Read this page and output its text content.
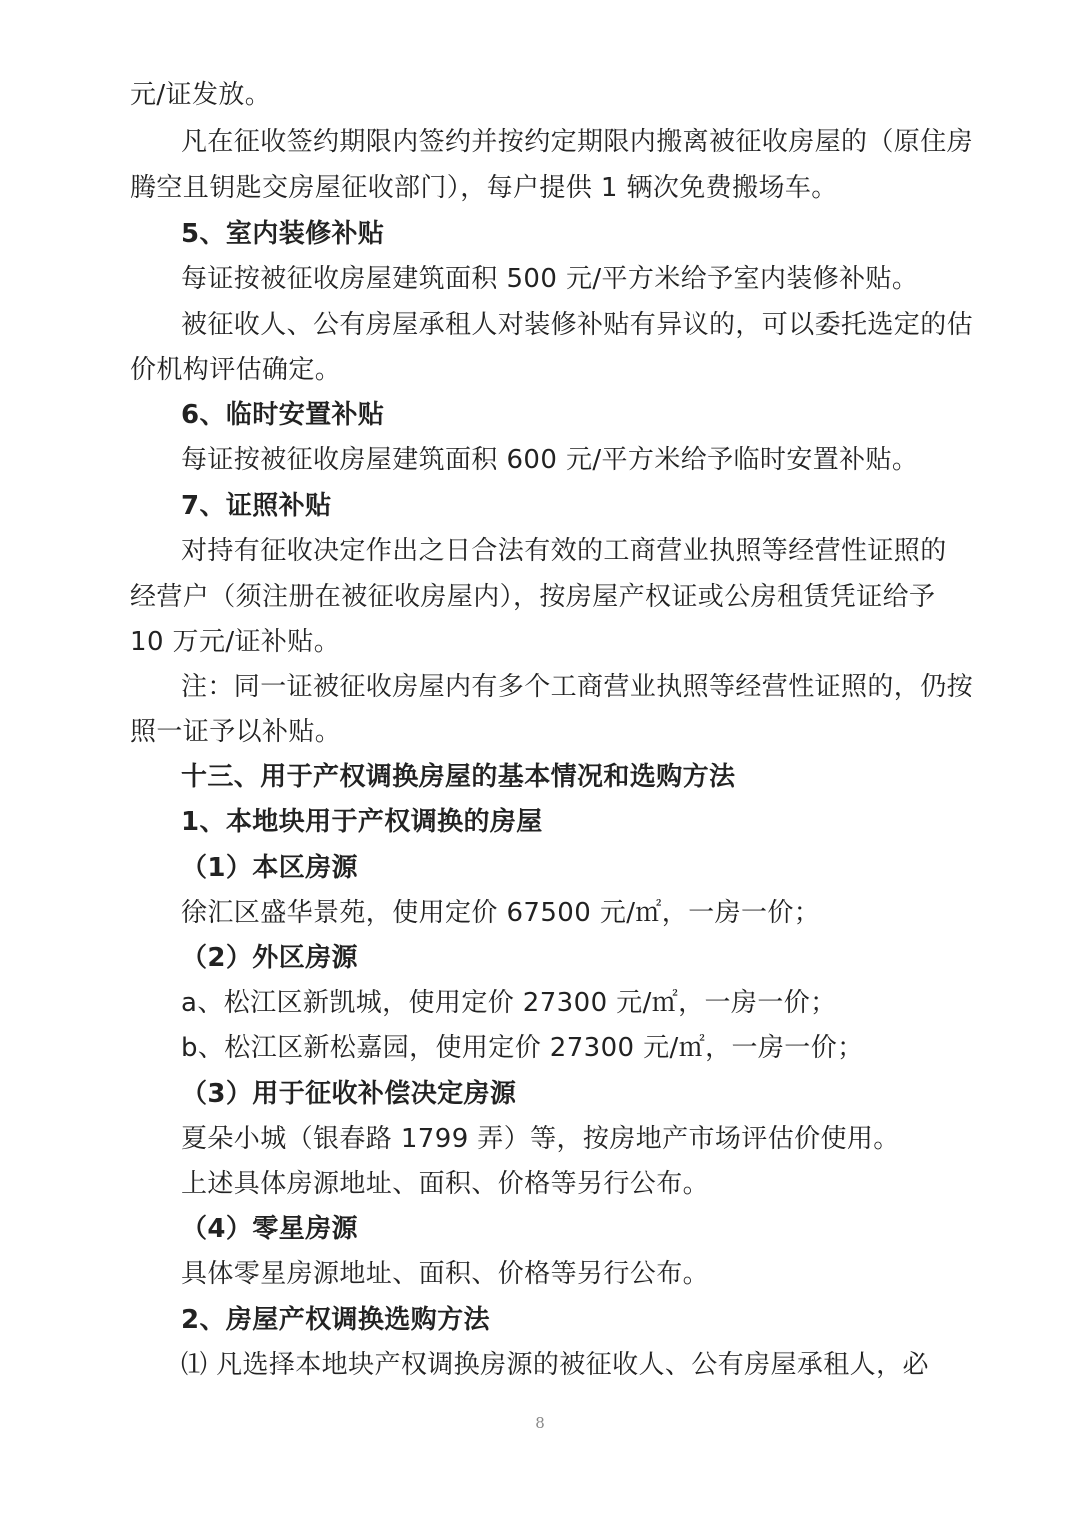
元/证发放。
凡在征收签约期限内签约并按约定期限内搬离被征收房屋的（原住房
腾空且钥匙交房屋征收部门），每户提供 1 辆次免费搬场车。
5、室内装修补贴
每证按被征收房屋建筑面积 500 元/平方米给予室内装修补贴。
被征收人、公有房屋承租人对装修补贴有异议的，可以委托选定的估
价机构评估确定。
6、临时安置补贴
每证按被征收房屋建筑面积 600 元/平方米给予临时安置补贴。
7、证照补贴
对持有征收决定作出之日合法有效的工商营业执照等经营性证照的
经营户（须注册在被征收房屋内），按房屋产权证或公房租赁凭证给予
10 万元/证补贴。
注：同一证被征收房屋内有多个工商营业执照等经营性证照的，仍按
照一证予以补贴。
十三、用于产权调换房屋的基本情况和选购方法
1、本地块用于产权调换的房屋
（1）本区房源
徐汇区盛华景苑，使用定价 67500 元/㎡，一房一价；
（2）外区房源
a、松江区新凯城，使用定价 27300 元/㎡，一房一价；
b、松江区新松嘉园，使用定价 27300 元/㎡，一房一价；
（3）用于征收补偿决定房源
夏朵小城（银春路 1799 弄）等，按房地产市场评估价使用。
上述具体房源地址、面积、价格等另行公布。
（4）零星房源
具体零星房源地址、面积、价格等另行公布。
2、房屋产权调换选购方法
⑴ 凡选择本地块产权调换房源的被征收人、公有房屋承租人，必
8
